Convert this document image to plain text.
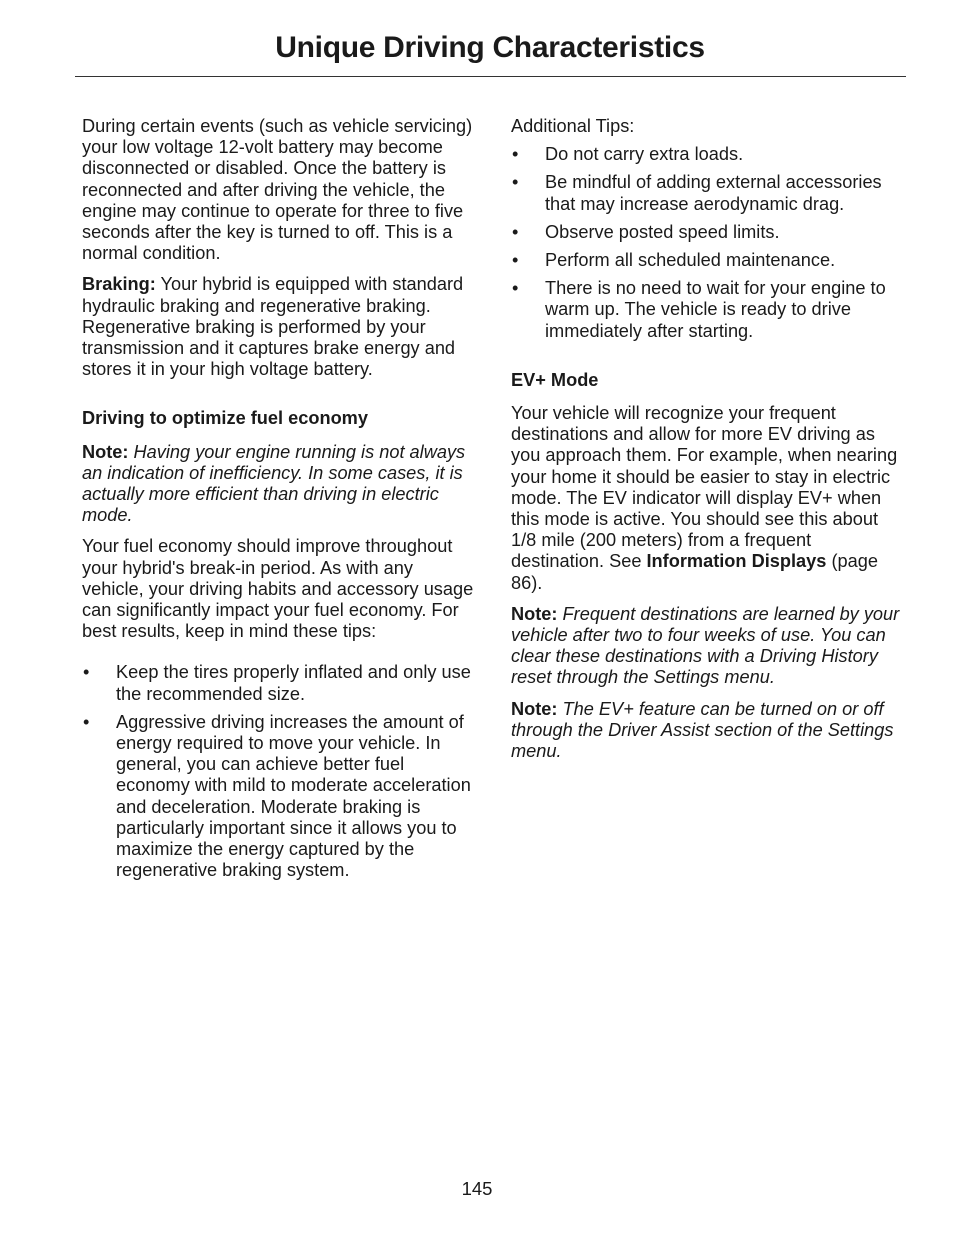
Unique Driving Characteristics

During certain events (such as vehicle servicing) your low voltage 12-volt battery may become disconnected or disabled. Once the battery is reconnected and after driving the vehicle, the engine may continue to operate for three to five seconds after the key is turned to off. This is a normal condition.

Braking: Your hybrid is equipped with standard hydraulic braking and regenerative braking. Regenerative braking is performed by your transmission and it captures brake energy and stores it in your high voltage battery.

Driving to optimize fuel economy

Note: Having your engine running is not always an indication of inefficiency. In some cases, it is actually more efficient than driving in electric mode.

Your fuel economy should improve throughout your hybrid's break-in period. As with any vehicle, your driving habits and accessory usage can significantly impact your fuel economy. For best results, keep in mind these tips:

• Keep the tires properly inflated and only use the recommended size.
• Aggressive driving increases the amount of energy required to move your vehicle. In general, you can achieve better fuel economy with mild to moderate acceleration and deceleration. Moderate braking is particularly important since it allows you to maximize the energy captured by the regenerative braking system.

Additional Tips:

• Do not carry extra loads.
• Be mindful of adding external accessories that may increase aerodynamic drag.
• Observe posted speed limits.
• Perform all scheduled maintenance.
• There is no need to wait for your engine to warm up. The vehicle is ready to drive immediately after starting.
EV+ Mode

Your vehicle will recognize your frequent destinations and allow for more EV driving as you approach them. For example, when nearing your home it should be easier to stay in electric mode. The EV indicator will display EV+ when this mode is active. You should see this about 1/8 mile (200 meters) from a frequent destination. See Information Displays (page 86).

Note: Frequent destinations are learned by your vehicle after two to four weeks of use. You can clear these destinations with a Driving History reset through the Settings menu.

Note: The EV+ feature can be turned on or off through the Driver Assist section of the Settings menu.

145
